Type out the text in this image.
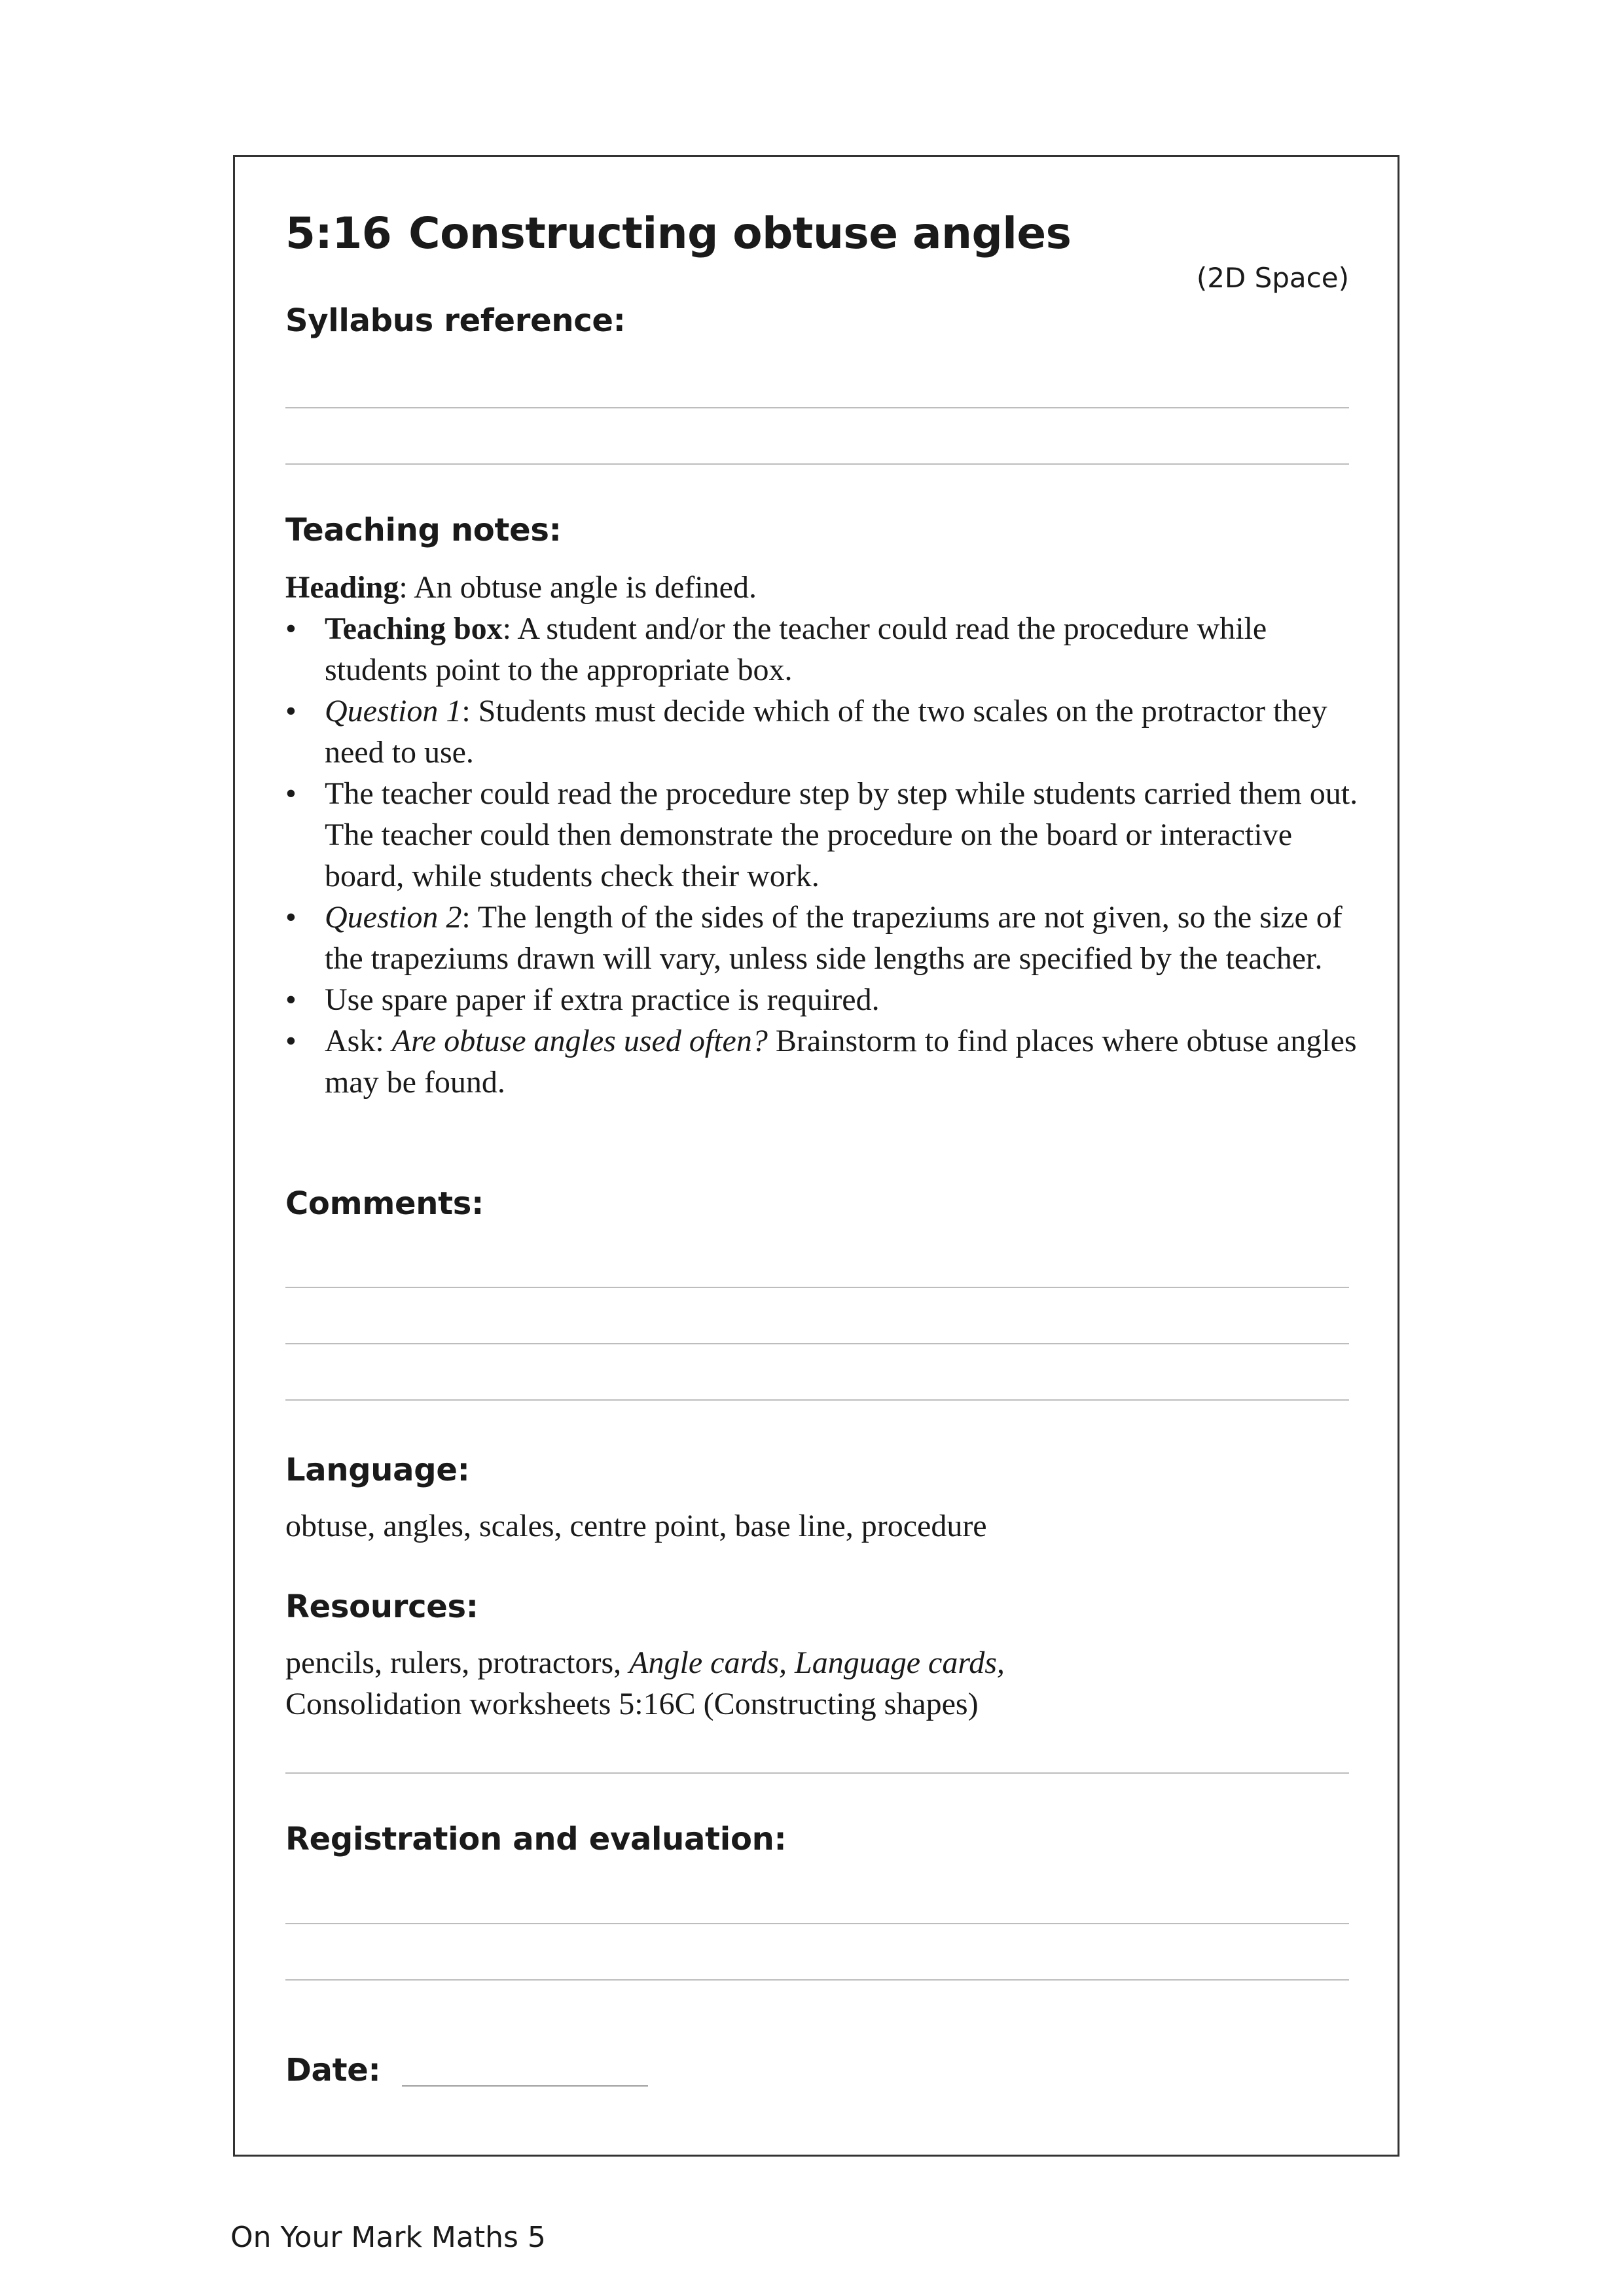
5:16 Constructing obtuse angles
(2D Space)
Syllabus reference:
Teaching notes:

Heading: An obtuse angle is defined.

• Teaching box: A student and/or the teacher could read the procedure while students point to the appropriate box.
• Question 1: Students must decide which of the two scales on the protractor they need to use.
• The teacher could read the procedure step by step while students carried them out. The teacher could then demonstrate the procedure on the board or interactive board, while students check their work.
• Question 2: The length of the sides of the trapeziums are not given, so the size of the trapeziums drawn will vary, unless side lengths are specified by the teacher.
• Use spare paper if extra practice is required.
• Ask: Are obtuse angles used often? Brainstorm to find places where obtuse angles may be found.
Comments:
Language:
obtuse, angles, scales, centre point, base line, procedure
Resources:
pencils, rulers, protractors, Angle cards, Language cards,
Consolidation worksheets 5:16C (Constructing shapes)
Registration and evaluation:
Date:
On Your Mark Maths 5
